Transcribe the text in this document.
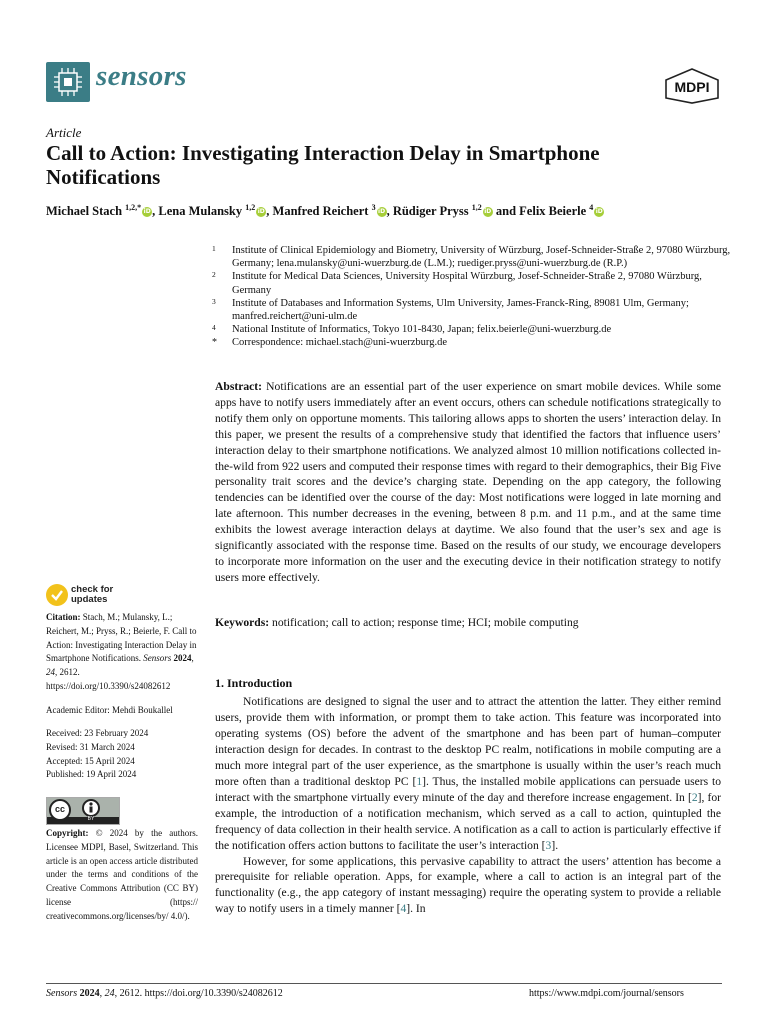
sensors	MDPI
Article
Call to Action: Investigating Interaction Delay in Smartphone Notifications
Michael Stach $^{1,2,*}$ iD, Lena Mulansky $^{1,2}$ iD, Manfred Reichert $^3$ iD, Rüdiger Pryss $^{1,2}$ iD and Felix Beierle $^4$ iD
1 Institute of Clinical Epidemiology and Biometry, University of Würzburg, Josef-Schneider-Straße 2, 97080 Würzburg, Germany; lena.mulansky@uni-wuerzburg.de (L.M.); ruediger.pryss@uni-wuerzburg.de (R.P.)
2 Institute for Medical Data Sciences, University Hospital Würzburg, Josef-Schneider-Straße 2, 97080 Würzburg, Germany
3 Institute of Databases and Information Systems, Ulm University, James-Franck-Ring, 89081 Ulm, Germany; manfred.reichert@uni-ulm.de
4 National Institute of Informatics, Tokyo 101-8430, Japan; felix.beierle@uni-wuerzburg.de
* Correspondence: michael.stach@uni-wuerzburg.de
Abstract: Notifications are an essential part of the user experience on smart mobile devices. While some apps have to notify users immediately after an event occurs, others can schedule notifications strategically to notify them only on opportune moments. This tailoring allows apps to shorten the users’ interaction delay. In this paper, we present the results of a comprehensive study that identified the factors that influence users’ interaction delay to their smartphone notifications. We analyzed almost 10 million notifications collected in-the-wild from 922 users and computed their response times with regard to their demographics, their Big Five personality trait scores and the device’s charging state. Depending on the app category, the following tendencies can be identified over the course of the day: Most notifications were logged in late morning and late afternoon. This number decreases in the evening, between 8 p.m. and 11 p.m., and at the same time exhibits the lowest average interaction delays at daytime. We also found that the user’s sex and age is significantly associated with the response time. Based on the results of our study, we encourage developers to incorporate more information on the user and the executing device in their notification strategy to notify users more effectively.
Keywords: notification; call to action; response time; HCI; mobile computing
1. Introduction

Notifications are designed to signal the user and to attract the attention the latter. They either remind users, provide them with information, or prompt them to take action. This feature was incorporated into operating systems (OS) before the advent of the smartphone and has been part of human–computer interaction design for decades. In contrast to the desktop PC realm, notifications in mobile computing are a much more integral part of the user experience, as the smartphone is usually within the user’s reach much more often than a traditional desktop PC [1]. Thus, the installed mobile applications can persuade users to interact with the smartphone virtually every minute of the day and therefore increase engagement. In [2], for example, the introduction of a notification mechanism, which served as a call to action, quintupled the frequency of data collection in their health service. A notification as a call to action is particularly effective if the notification offers action buttons to facilitate the user’s interaction [3].

However, for some applications, this pervasive capability to attract the users’ attention has become a prerequisite for reliable operation. Apps, for example, where a call to action is an integral part of the functionality (e.g., the app category of instant messaging) require the operating system to provide a reliable way to notify users in a timely manner [4]. In

check for
updates
Citation: Stach, M.; Mulansky, L.; Reichert, M.; Pryss, R.; Beierle, F. Call to Action: Investigating Interaction Delay in Smartphone Notifications. Sensors 2024, 24, 2612. https://doi.org/10.3390/s24082612
Academic Editor: Mehdi Boukallel
Received: 23 February 2024
Revised: 31 March 2024
Accepted: 15 April 2024
Published: 19 April 2024
cc
BY
Copyright: © 2024 by the authors. Licensee MDPI, Basel, Switzerland. This article is an open access article distributed under the terms and conditions of the Creative Commons Attribution (CC BY) license (https:// creativecommons.org/licenses/by/ 4.0/).
Sensors 2024, 24, 2612. https://doi.org/10.3390/s24082612	https://www.mdpi.com/journal/sensors
